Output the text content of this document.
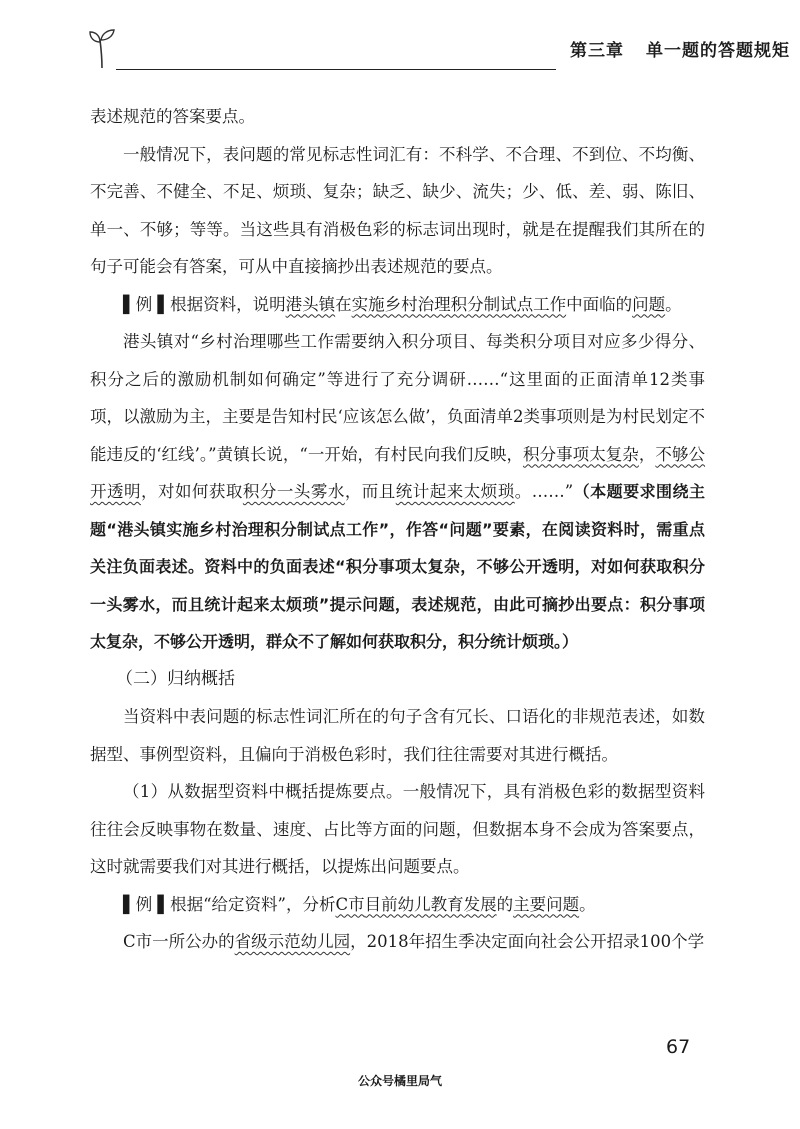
第三章 单一题的答题规矩

表述规范的答案要点。

一般情况下，表问题的常见标志性词汇有：不科学、不合理、不到位、不均衡、不完善、不健全、不足、烦琐、复杂；缺乏、缺少、流失；少、低、差、弱、陈旧、单一、不够；等等。当这些具有消极色彩的标志词出现时，就是在提醒我们其所在的句子可能会有答案，可从中直接摘抄出表述规范的要点。

▌例 ▌根据资料，说明港头镇在实施乡村治理积分制试点工作中面临的问题。

港头镇对“乡村治理哪些工作需要纳入积分项目、每类积分项目对应多少得分、积分之后的激励机制如何确定”等进行了充分调研……“这里面的正面清单12类事项，以激励为主，主要是告知村民‘应该怎么做’，负面清单2类事项则是为村民划定不能违反的‘红线’。”黄镇长说，“一开始，有村民向我们反映，积分事项太复杂，不够公开透明，对如何获取积分一头雾水，而且统计起来太烦琐。……”（本题要求围绕主题“港头镇实施乡村治理积分制试点工作”，作答“问题”要素，在阅读资料时，需重点关注负面表述。资料中的负面表述“积分事项太复杂，不够公开透明，对如何获取积分一头雾水，而且统计起来太烦琐”提示问题，表述规范，由此可摘抄出要点：积分事项太复杂，不够公开透明，群众不了解如何获取积分，积分统计烦琐。）

（二）归纳概括

当资料中表问题的标志性词汇所在的句子含有冗长、口语化的非规范表述，如数据型、事例型资料，且偏向于消极色彩时，我们往往需要对其进行概括。

（1）从数据型资料中概括提炼要点。一般情况下，具有消极色彩的数据型资料往往会反映事物在数量、速度、占比等方面的问题，但数据本身不会成为答案要点，这时就需要我们对其进行概括，以提炼出问题要点。

▌例 ▌根据“给定资料”，分析C市目前幼儿教育发展的主要问题。

C市一所公办的省级示范幼儿园，2018年招生季决定面向社会公开招录100个学

67
公众号橘里局气
